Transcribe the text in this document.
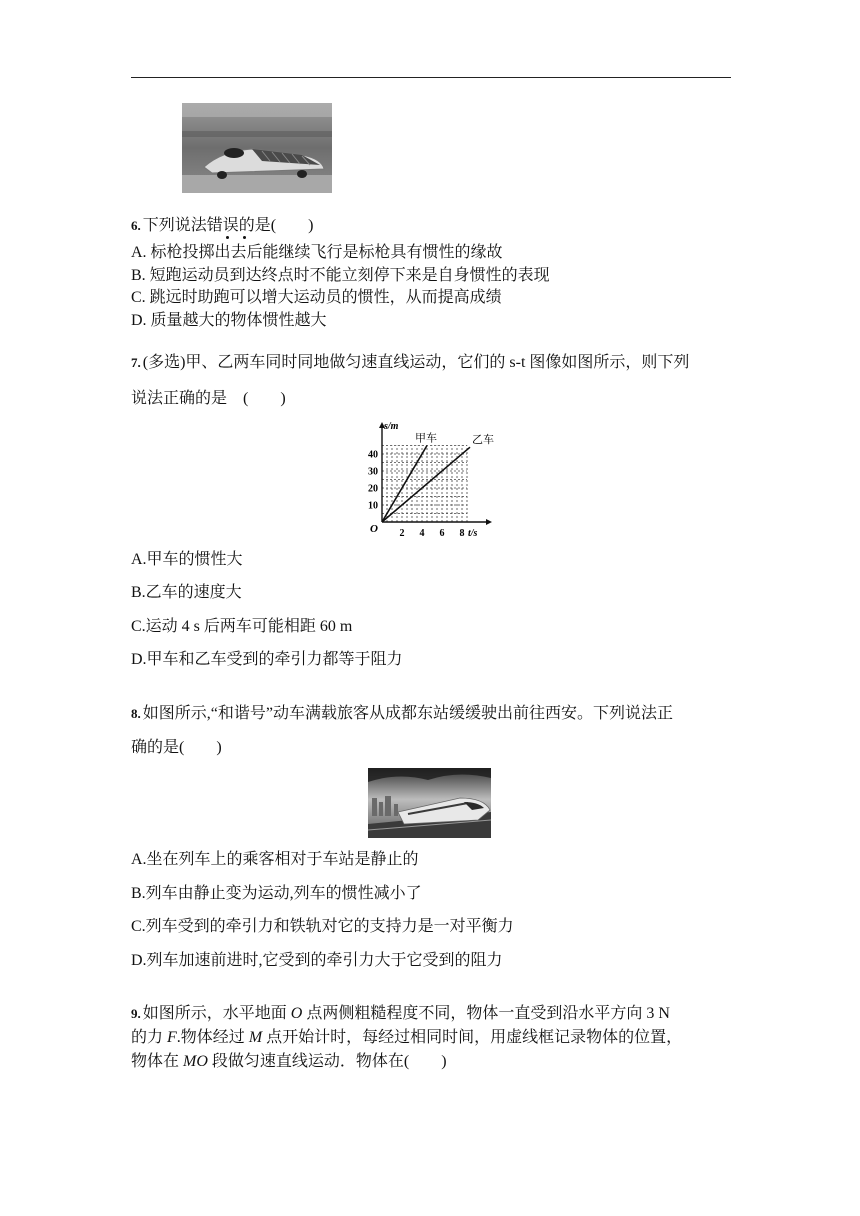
6. 下列说法错误的是(　　)
A. 标枪投掷出去后能继续飞行是标枪具有惯性的缘故
B. 短跑运动员到达终点时不能立刻停下来是自身惯性的表现
C. 跳远时助跑可以增大运动员的惯性，从而提高成绩
D. 质量越大的物体惯性越大
7. (多选)甲、乙两车同时同地做匀速直线运动，它们的 s-t 图像如图所示，则下列
说法正确的是　(　　)
甲车	乙车
2 4 6 8
10
20
30
40
s/m
t/s
O
A.甲车的惯性大
B.乙车的速度大
C.运动 4 s 后两车可能相距 60 m
D.甲车和乙车受到的牵引力都等于阻力
8. 如图所示,“和谐号”动车满载旅客从成都东站缓缓驶出前往西安。下列说法正
确的是(　　)
A.坐在列车上的乘客相对于车站是静止的
B.列车由静止变为运动,列车的惯性减小了
C.列车受到的牵引力和铁轨对它的支持力是一对平衡力
D.列车加速前进时,它受到的牵引力大于它受到的阻力
9. 如图所示，水平地面 O 点两侧粗糙程度不同，物体一直受到沿水平方向 3 N
的力 F.物体经过 M 点开始计时，每经过相同时间，用虚线框记录物体的位置，
物体在 MO 段做匀速直线运动．物体在(　　)
